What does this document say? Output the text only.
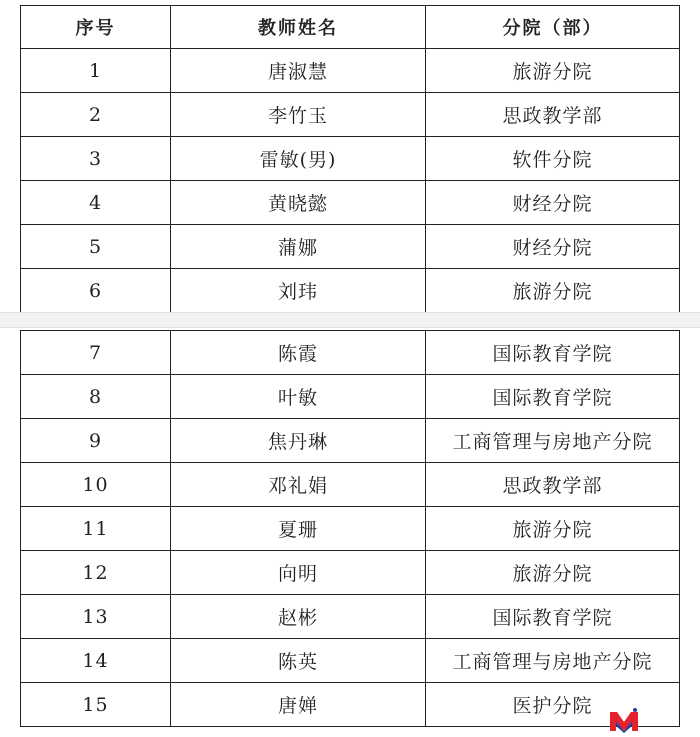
序号	教师姓名	分院（部）
1	唐淑慧	旅游分院
2	李竹玉	思政教学部
3	雷敏(男)	软件分院
4	黄晓懿	财经分院
5	蒲娜	财经分院
6	刘玮	旅游分院
7	陈霞	国际教育学院
8	叶敏	国际教育学院
9	焦丹琳	工商管理与房地产分院
10	邓礼娟	思政教学部
11	夏珊	旅游分院
12	向明	旅游分院
13	赵彬	国际教育学院
14	陈英	工商管理与房地产分院
15	唐婵	医护分院
